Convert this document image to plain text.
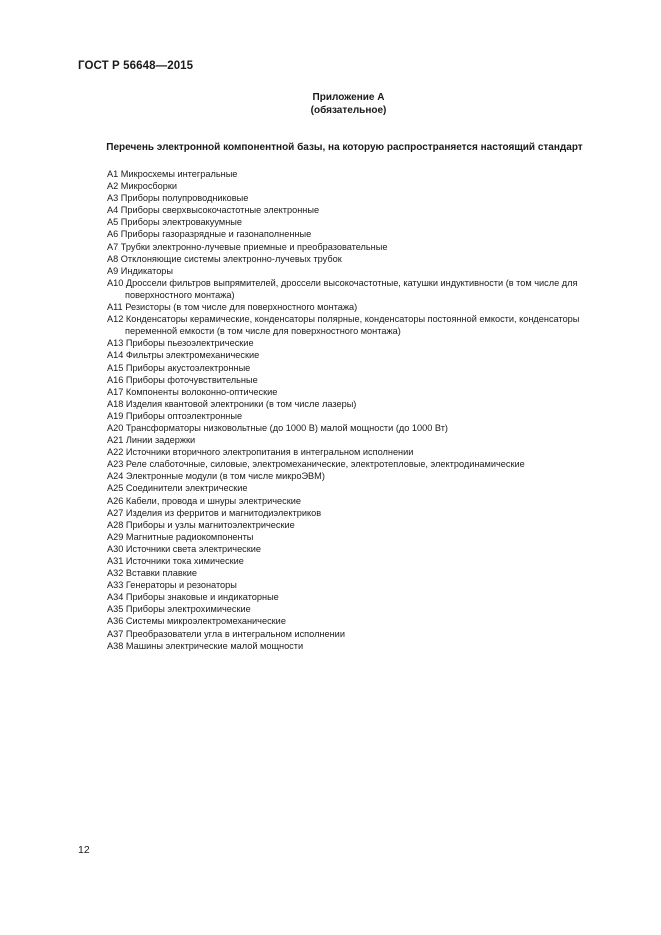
ГОСТ Р 56648—2015
Приложение А
(обязательное)
Перечень электронной компонентной базы, на которую распространяется настоящий стандарт
А1 Микросхемы интегральные
А2 Микросборки
А3 Приборы полупроводниковые
А4 Приборы сверхвысокочастотные электронные
А5 Приборы электровакуумные
А6 Приборы газоразрядные и газонаполненные
А7 Трубки электронно-лучевые приемные и преобразовательные
А8 Отклоняющие системы электронно-лучевых трубок
А9 Индикаторы
А10 Дроссели фильтров выпрямителей, дроссели высокочастотные, катушки индуктивности (в том числе для поверхностного монтажа)
А11 Резисторы (в том числе для поверхностного монтажа)
А12 Конденсаторы керамические, конденсаторы полярные, конденсаторы постоянной емкости, конденсаторы переменной емкости (в том числе для поверхностного монтажа)
А13 Приборы пьезоэлектрические
А14 Фильтры электромеханические
А15 Приборы акустоэлектронные
А16 Приборы фоточувствительные
А17 Компоненты волоконно-оптические
А18 Изделия квантовой электроники (в том числе лазеры)
А19 Приборы оптоэлектронные
А20 Трансформаторы низковольтные (до 1000 В) малой мощности (до 1000 Вт)
А21 Линии задержки
А22 Источники вторичного электропитания в интегральном исполнении
А23 Реле слаботочные, силовые, электромеханические, электротепловые, электродинамические
А24 Электронные модули (в том числе микроЭВМ)
А25 Соединители электрические
А26 Кабели, провода и шнуры электрические
А27 Изделия из ферритов и магнитодиэлектриков
А28 Приборы и узлы магнитоэлектрические
А29 Магнитные радиокомпоненты
А30 Источники света электрические
А31 Источники тока химические
А32 Вставки плавкие
А33 Генераторы и резонаторы
А34 Приборы знаковые и индикаторные
А35 Приборы электрохимические
А36 Системы микроэлектромеханические
А37 Преобразователи угла в интегральном исполнении
А38 Машины электрические малой мощности
12
